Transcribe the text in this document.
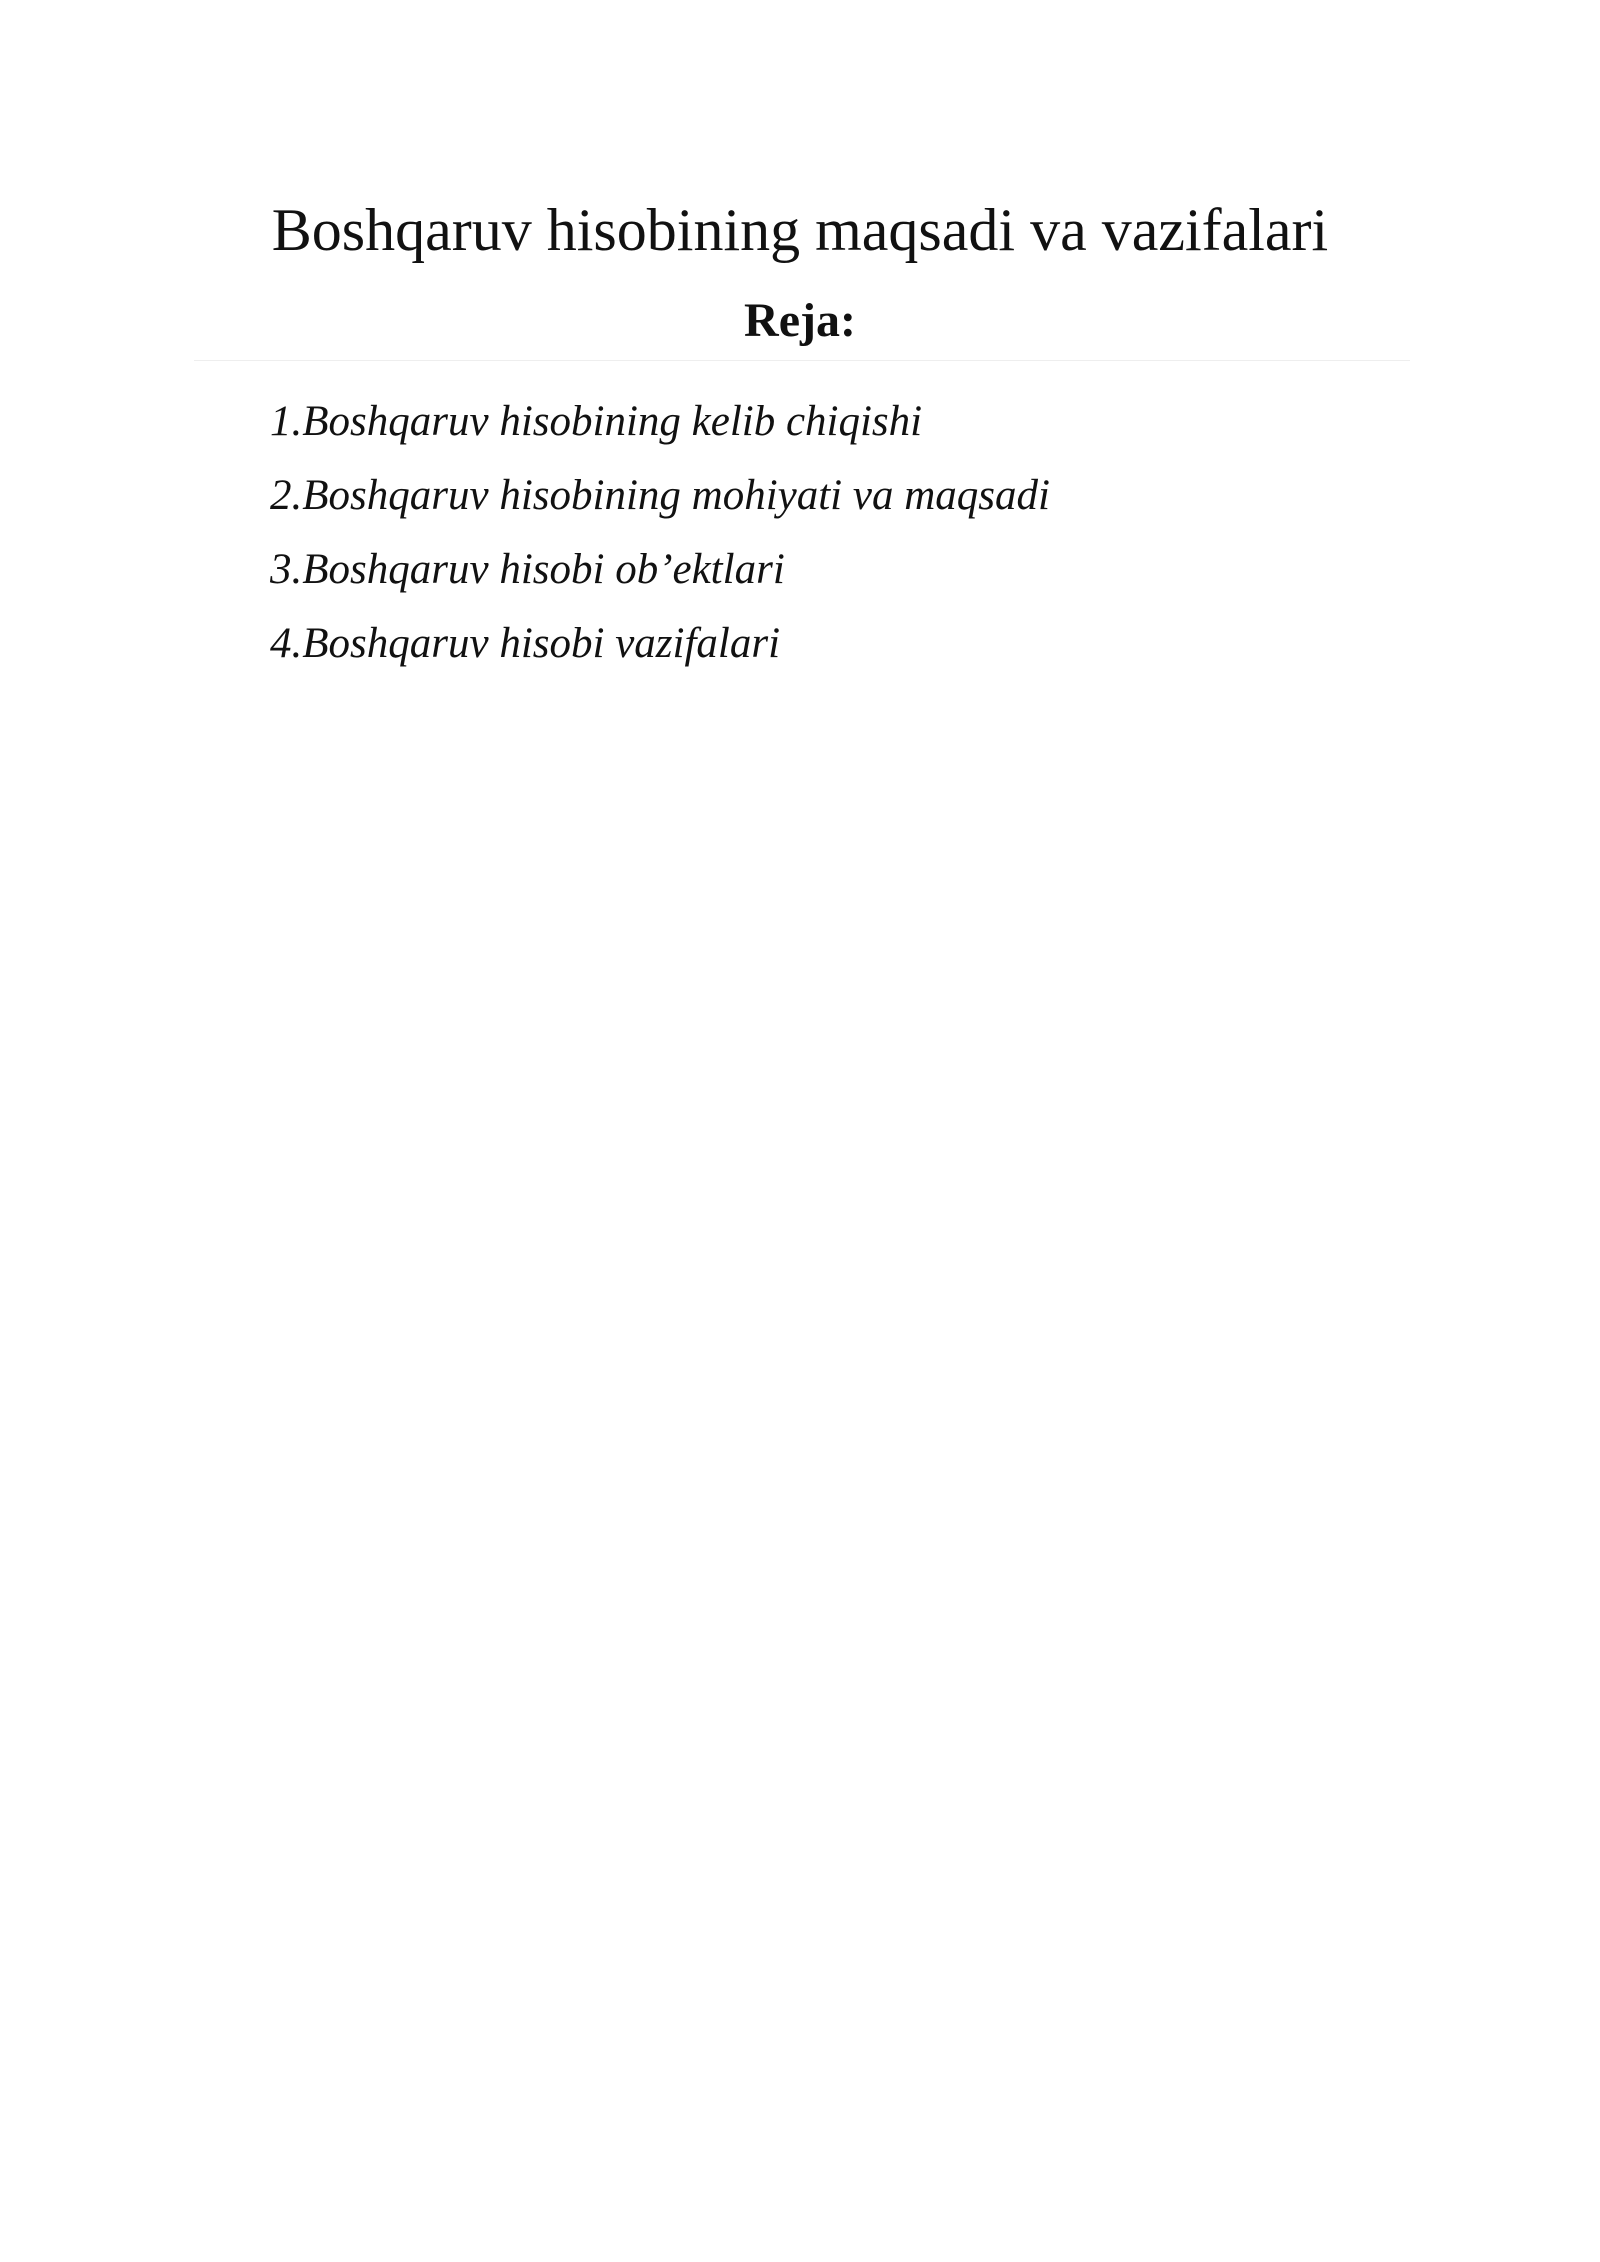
Boshqaruv hisobining maqsadi va vazifalari
Reja:
1.Boshqaruv hisobining kelib chiqishi
2.Boshqaruv hisobining mohiyati va maqsadi
3.Boshqaruv hisobi ob’ektlari
4.Boshqaruv hisobi vazifalari
